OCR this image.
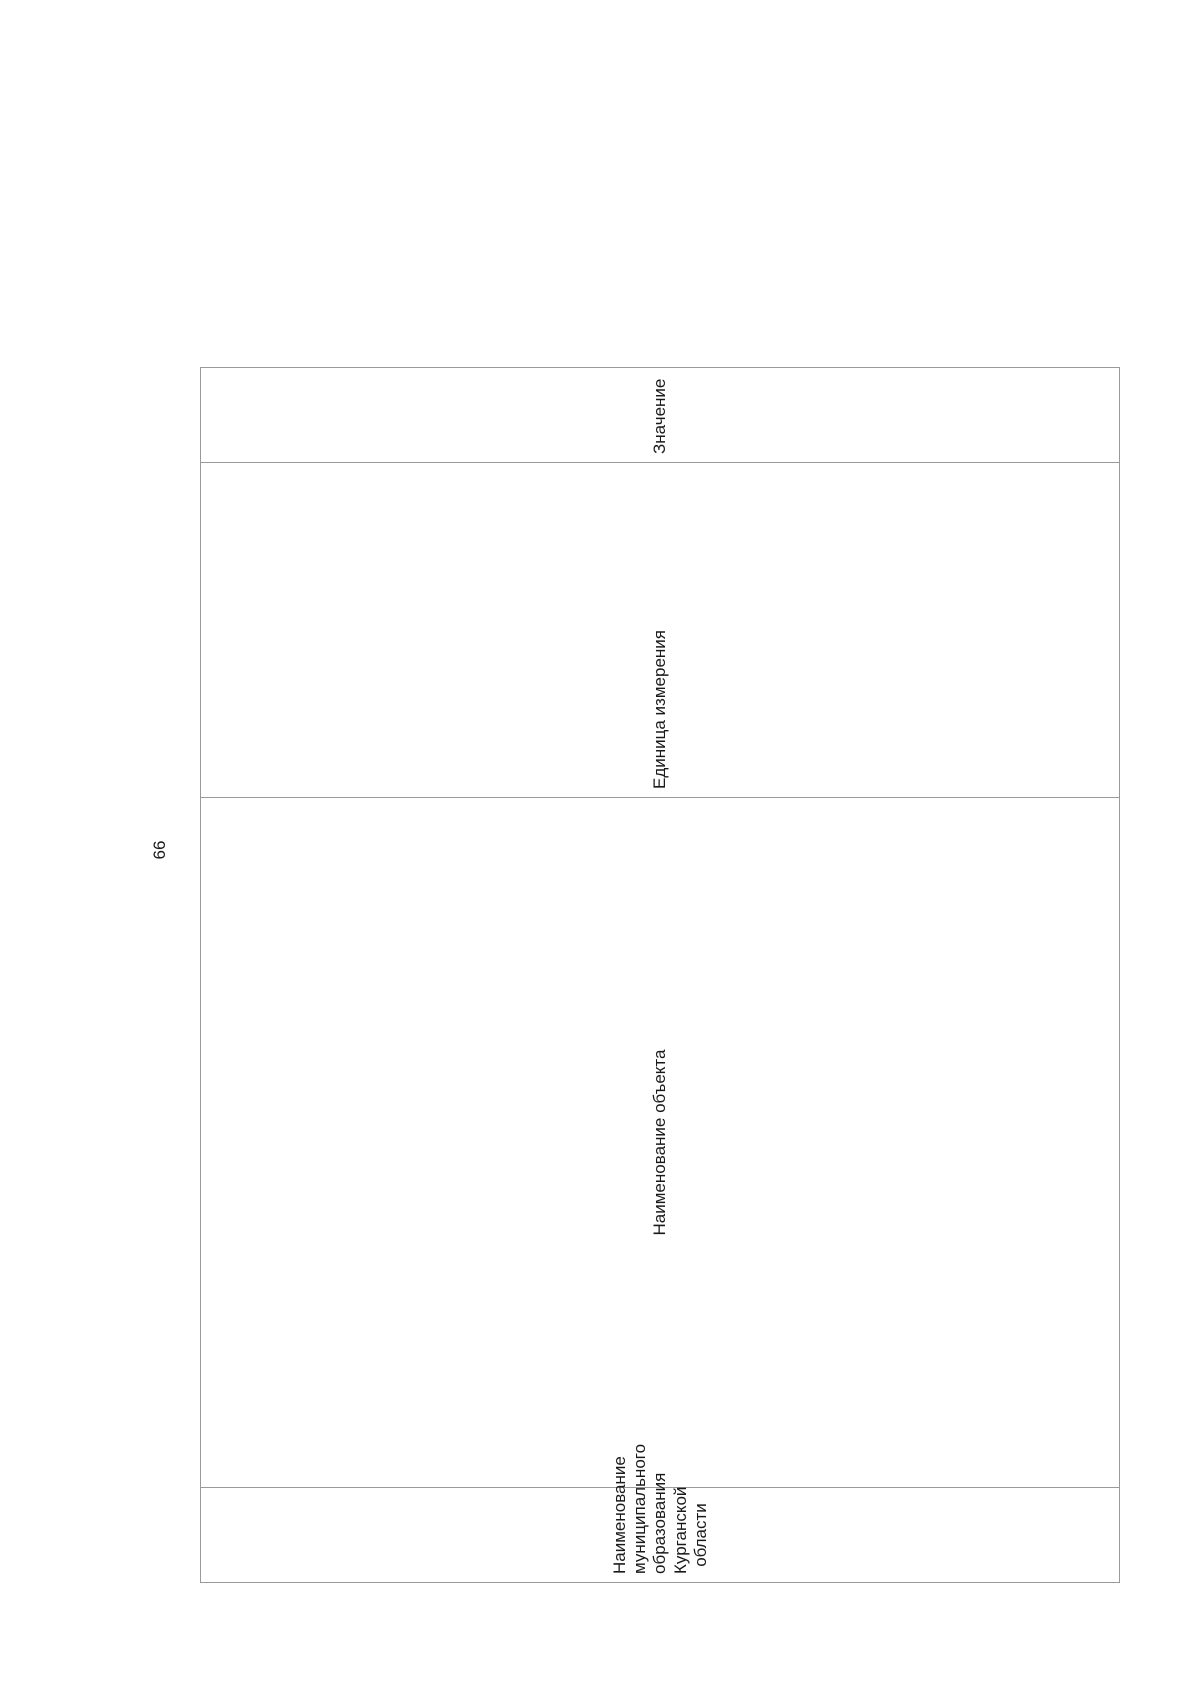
66
Наименование муниципального образования Курганской области	Наименование объекта	Единица измерения	Значение
